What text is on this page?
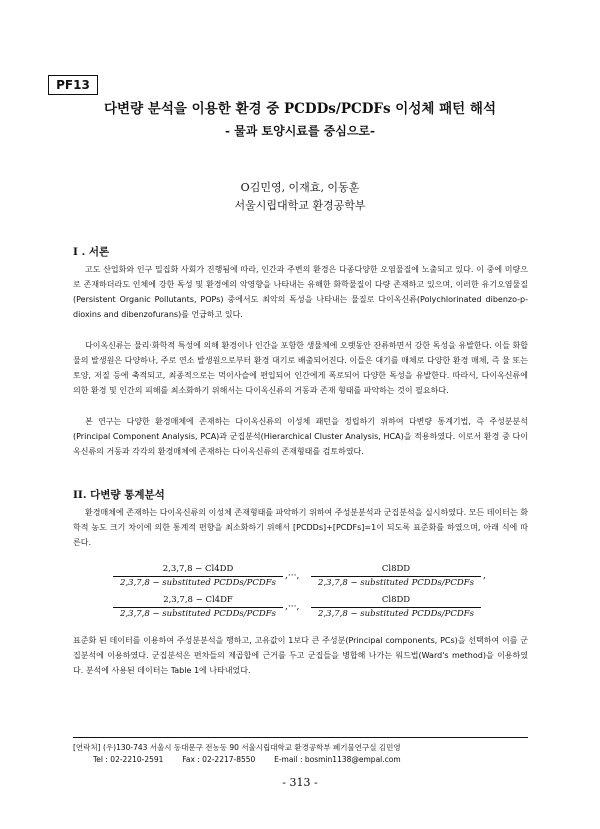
PF13
다변량 분석을 이용한 환경 중 PCDDs/PCDFs 이성체 패턴 해석
- 물과 토양시료를 중심으로-
O김민영, 이재효, 이동훈
서울시립대학교 환경공학부
I . 서론
고도 산업화와 인구 밀집화 사회가 진행됨에 따라, 인간과 주변의 환경은 다종다양한 오염물질에 노출되고 있다. 이 중에 미량으로 존재하더라도 인체에 강한 독성 및 환경에의 악영향을 나타내는 유해한 화학물질이 다량 존재하고 있으며, 이러한 유기오염물질(Persistent Organic Pollutants, POPs) 중에서도 최악의 독성을 나타내는 물질로 다이옥신류(Polychlorinated dibenzo-p-dioxins and dibenzofurans)를 언급하고 있다.
다이옥신류는 물리·화학적 특성에 의해 환경이나 인간을 포함한 생물체에 오랫동안 잔류하면서 강한 독성을 유발한다. 이들 화합물의 발생원은 다양하나, 주로 연소 발생원으로부터 환경 대기로 배출되어진다. 이들은 대기를 매체로 다양한 환경 매체, 즉 물 또는 토양, 저질 등에 축적되고, 최종적으로는 먹이사슬에 편입되어 인간에게 폭로되어 다양한 독성을 유발한다. 따라서, 다이옥신류에 의한 환경 및 인간의 피해를 최소화하기 위해서는 다이옥신류의 거동과 존재 형태를 파악하는 것이 필요하다.
본 연구는 다양한 환경매체에 존재하는 다이옥신류의 이성체 패턴을 정립하기 위하여 다변량 통계기법, 즉 주성분분석(Principal Component Analysis, PCA)과 군집분석(Hierarchical Cluster Analysis, HCA)을 적용하였다. 이로서 환경 중 다이옥신류의 거동과 각각의 환경매체에 존재하는 다이옥신류의 존재형태를 검토하였다.
II. 다변량 통계분석
환경매체에 존재하는 다이옥신류의 이성체 존재형태를 파악하기 위하여 주성분분석과 군집분석을 실시하였다. 모든 데이터는 화학적 농도 크기 차이에 의한 통계적 편향을 최소화하기 위해서 [PCDDs]+[PCDFs]=1이 되도록 표준화를 하였으며, 아래 식에 따른다.
2,3,7,8 − Cl4DD
2,3,7,8 − substituted PCDDs/PCDFs
,···,
Cl8DD
2,3,7,8 − substituted PCDDs/PCDFs
,
2,3,7,8 − Cl4DF
2,3,7,8 − substituted PCDDs/PCDFs
,···,
Cl8DD
2,3,7,8 − substituted PCDDs/PCDFs
표준화 된 데이터를 이용하여 주성분분석을 행하고, 고유값이 1보다 큰 주성분(Principal components, PCs)을 선택하여 이를 군집분석에 이용하였다. 군집분석은 편차들의 제곱합에 근거를 두고 군집들을 병합해 나가는 워드법(Ward's method)을 이용하였다. 분석에 사용된 데이터는 Table 1에 나타내었다.
[연락처] (우)130-743 서울시 동대문구 전농동 90 서울시립대학교 환경공학부 폐기물연구실 김민영
Tel : 02-2210-2591	Fax : 02-2217-8550	E-mail : bosmin1138@empal.com
- 313 -
